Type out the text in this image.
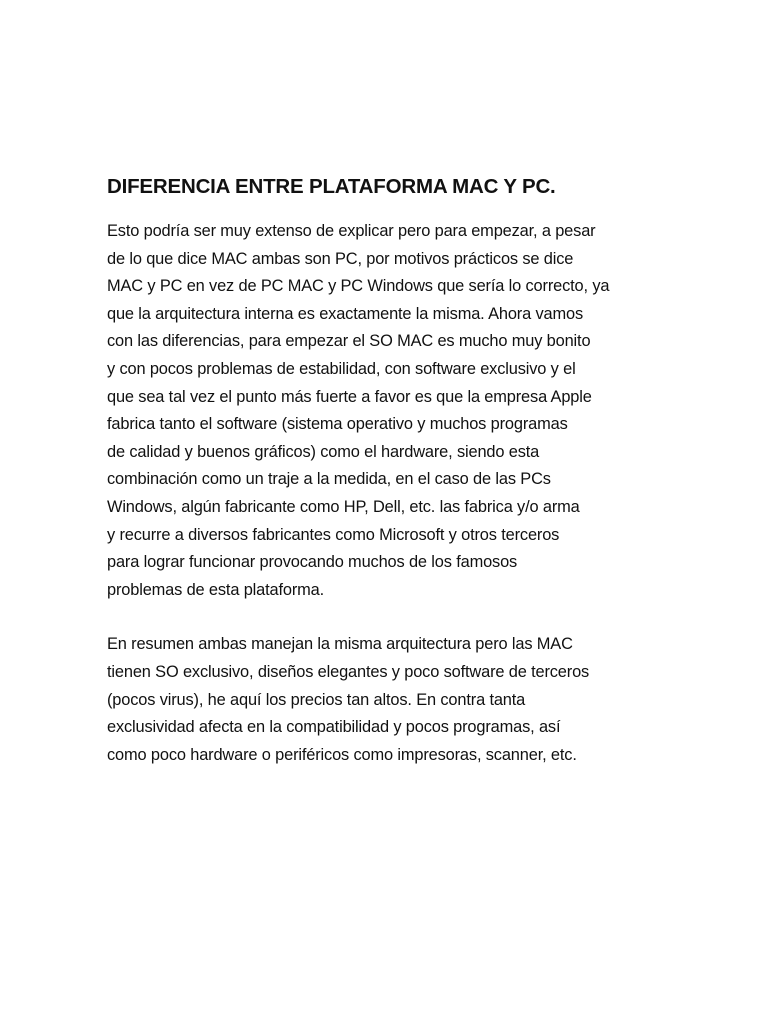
DIFERENCIA ENTRE PLATAFORMA MAC Y PC.

Esto podría ser muy extenso de explicar pero para empezar, a pesar
de lo que dice MAC ambas son PC, por motivos prácticos se dice
MAC y PC en vez de PC MAC y PC Windows que sería lo correcto, ya
que la arquitectura interna es exactamente la misma. Ahora vamos
con las diferencias, para empezar el SO MAC es mucho muy bonito
y con pocos problemas de estabilidad, con software exclusivo y el
que sea tal vez el punto más fuerte a favor es que la empresa Apple
fabrica tanto el software (sistema operativo y muchos programas
de calidad y buenos gráficos) como el hardware, siendo esta
combinación como un traje a la medida, en el caso de las PCs
Windows, algún fabricante como HP, Dell, etc. las fabrica y/o arma
y recurre a diversos fabricantes como Microsoft y otros terceros
para lograr funcionar provocando muchos de los famosos
problemas de esta plataforma.

En resumen ambas manejan la misma arquitectura pero las MAC
tienen SO exclusivo, diseños elegantes y poco software de terceros
(pocos virus), he aquí los precios tan altos. En contra tanta
exclusividad afecta en la compatibilidad y pocos programas, así
como poco hardware o periféricos como impresoras, scanner, etc.
